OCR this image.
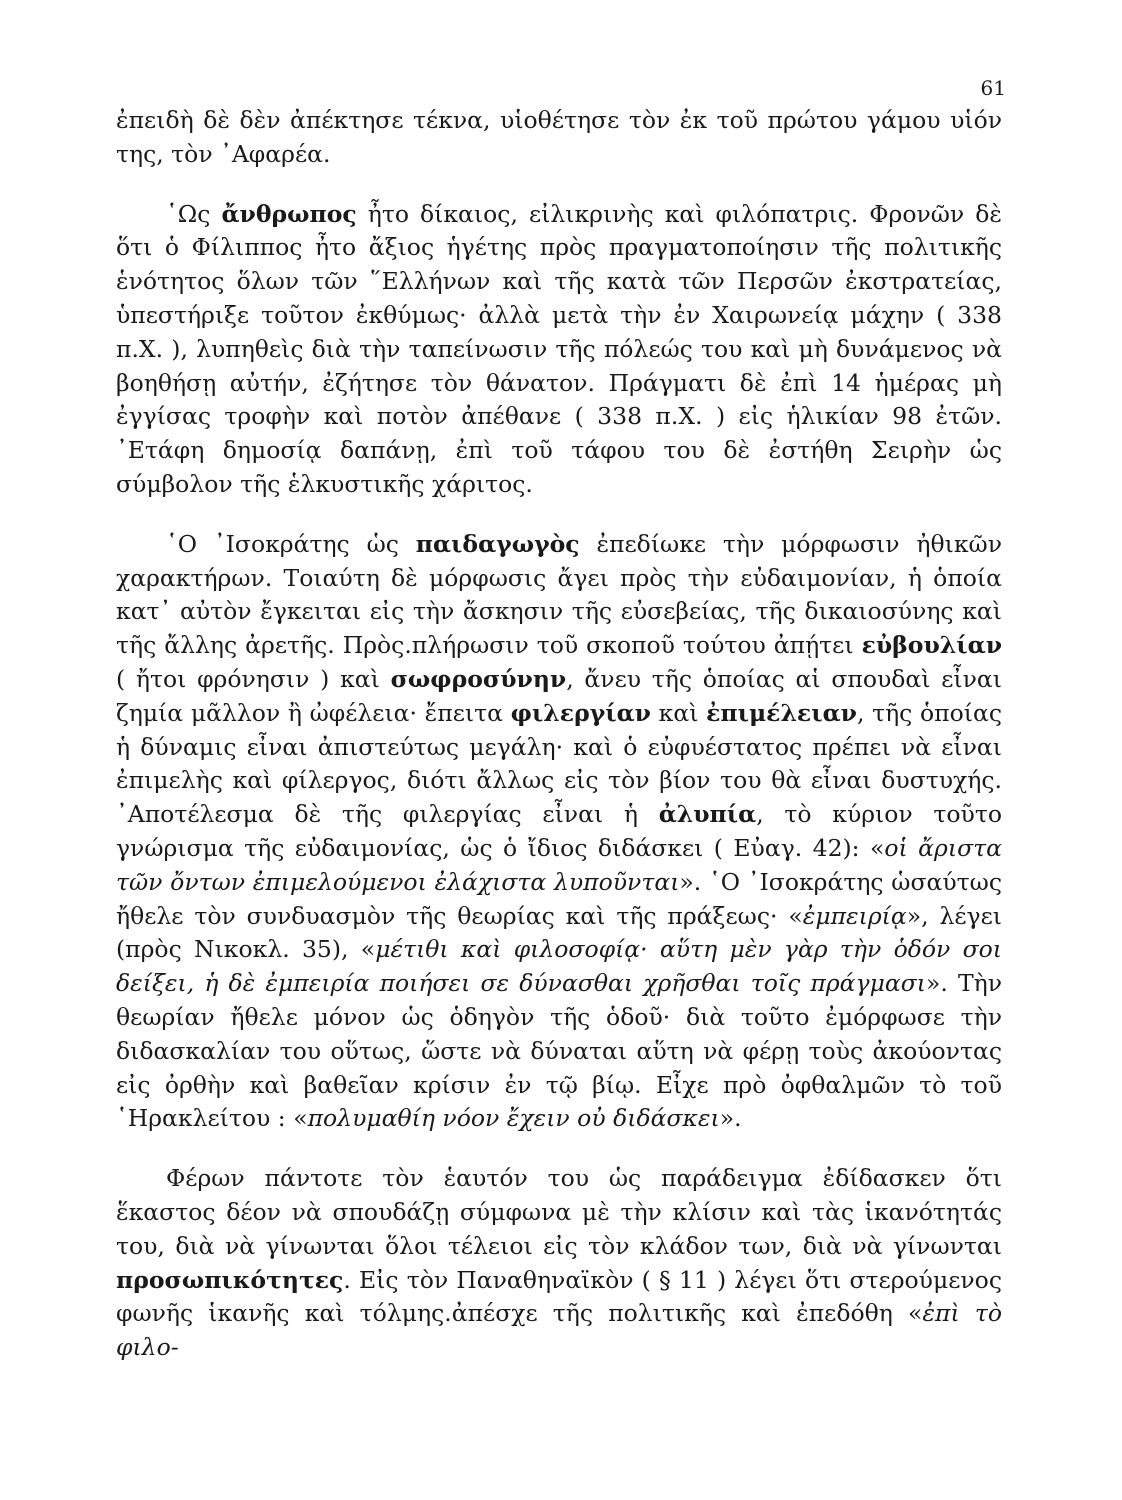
61

ἐπειδὴ δὲ δὲν ἀπέκτησε τέκνα, υἱοθέτησε τὸν ἐκ τοῦ πρώτου γάμου υἱόν της, τὸν ᾿Αφαρέα.

῾Ως ἄνθρωπος ἦτο δίκαιος, εἰλικρινὴς καὶ φιλόπατρις. Φρονῶν δὲ ὅτι ὁ Φίλιππος ἦτο ἄξιος ἡγέτης πρὸς πραγματοποίησιν τῆς πολιτικῆς ἑνότητος ὅλων τῶν ῞Ελλήνων καὶ τῆς κατὰ τῶν Περσῶν ἐκστρατείας, ὑπεστήριξε τοῦτον ἐκθύμως· ἀλλὰ μετὰ τὴν ἐν Χαιρωνείᾳ μάχην ( 338 π.Χ. ), λυπηθεὶς διὰ τὴν ταπείνωσιν τῆς πόλεώς του καὶ μὴ δυνάμενος νὰ βοηθήσῃ αὐτήν, ἐζήτησε τὸν θάνατον. Πράγματι δὲ ἐπὶ 14 ἡμέρας μὴ ἐγγίσας τροφὴν καὶ ποτὸν ἀπέθανε ( 338 π.Χ. ) εἰς ἡλικίαν 98 ἐτῶν. ᾿Ετάφη δημοσίᾳ δαπάνῃ, ἐπὶ τοῦ τάφου του δὲ ἐστήθη Σειρὴν ὡς σύμβολον τῆς ἑλκυστικῆς χάριτος.

῾Ο ᾿Ισοκράτης ὡς παιδαγωγὸς ἐπεδίωκε τὴν μόρφωσιν ἠθικῶν χαρακτήρων. Τοιαύτη δὲ μόρφωσις ἄγει πρὸς τὴν εὐδαιμονίαν, ἡ ὁποία κατ᾿ αὐτὸν ἔγκειται εἰς τὴν ἄσκησιν τῆς εὐσεβείας, τῆς δικαιοσύνης καὶ τῆς ἄλλης ἀρετῆς. Πρὸς.πλήρωσιν τοῦ σκοποῦ τούτου ἀπῄτει εὐβουλίαν ( ἤτοι φρόνησιν ) καὶ σωφροσύνην, ἄνευ τῆς ὁποίας αἱ σπουδαὶ εἶναι ζημία μᾶλλον ἢ ὠφέλεια· ἔπειτα φιλεργίαν καὶ ἐπιμέλειαν, τῆς ὁποίας ἡ δύναμις εἶναι ἀπιστεύτως μεγάλη· καὶ ὁ εὐφυέστατος πρέπει νὰ εἶναι ἐπιμελὴς καὶ φίλεργος, διότι ἄλλως εἰς τὸν βίον του θὰ εἶναι δυστυχής. ᾿Αποτέλεσμα δὲ τῆς φιλεργίας εἶναι ἡ ἀλυπία, τὸ κύριον τοῦτο γνώρισμα τῆς εὐδαιμονίας, ὡς ὁ ἴδιος διδάσκει ( Εὐαγ. 42): «οἱ ἄριστα τῶν ὄντων ἐπιμελούμενοι ἐλάχιστα λυποῦνται». ῾Ο ᾿Ισοκράτης ὡσαύτως ἤθελε τὸν συνδυασμὸν τῆς θεωρίας καὶ τῆς πράξεως· «ἐμπειρίᾳ», λέγει (πρὸς Νικοκλ. 35), «μέτιθι καὶ φιλοσοφίᾳ· αὕτη μὲν γὰρ τὴν ὁδόν σοι δείξει, ἡ δὲ ἐμπειρία ποιήσει σε δύνασθαι χρῆσθαι τοῖς πράγμασι». Τὴν θεωρίαν ἤθελε μόνον ὡς ὁδηγὸν τῆς ὁδοῦ· διὰ τοῦτο ἐμόρφωσε τὴν διδασκαλίαν του οὕτως, ὥστε νὰ δύναται αὕτη νὰ φέρῃ τοὺς ἀκούοντας εἰς ὀρθὴν καὶ βαθεῖαν κρίσιν ἐν τῷ βίῳ. Εἶχε πρὸ ὀφθαλμῶν τὸ τοῦ ῾Ηρακλείτου : «πολυμαθίη νόον ἔχειν οὐ διδάσκει».

Φέρων πάντοτε τὸν ἑαυτόν του ὡς παράδειγμα ἐδίδασκεν ὅτι ἕκαστος δέον νὰ σπουδάζῃ σύμφωνα μὲ τὴν κλίσιν καὶ τὰς ἱκανότητάς του, διὰ νὰ γίνωνται ὅλοι τέλειοι εἰς τὸν κλάδον των, διὰ νὰ γίνωνται προσωπικότητες. Εἰς τὸν Παναθηναϊκὸν ( § 11 ) λέγει ὅτι στερούμενος φωνῆς ἱκανῆς καὶ τόλμης.ἀπέσχε τῆς πολιτικῆς καὶ ἐπεδόθη «ἐπὶ τὸ φιλο-
